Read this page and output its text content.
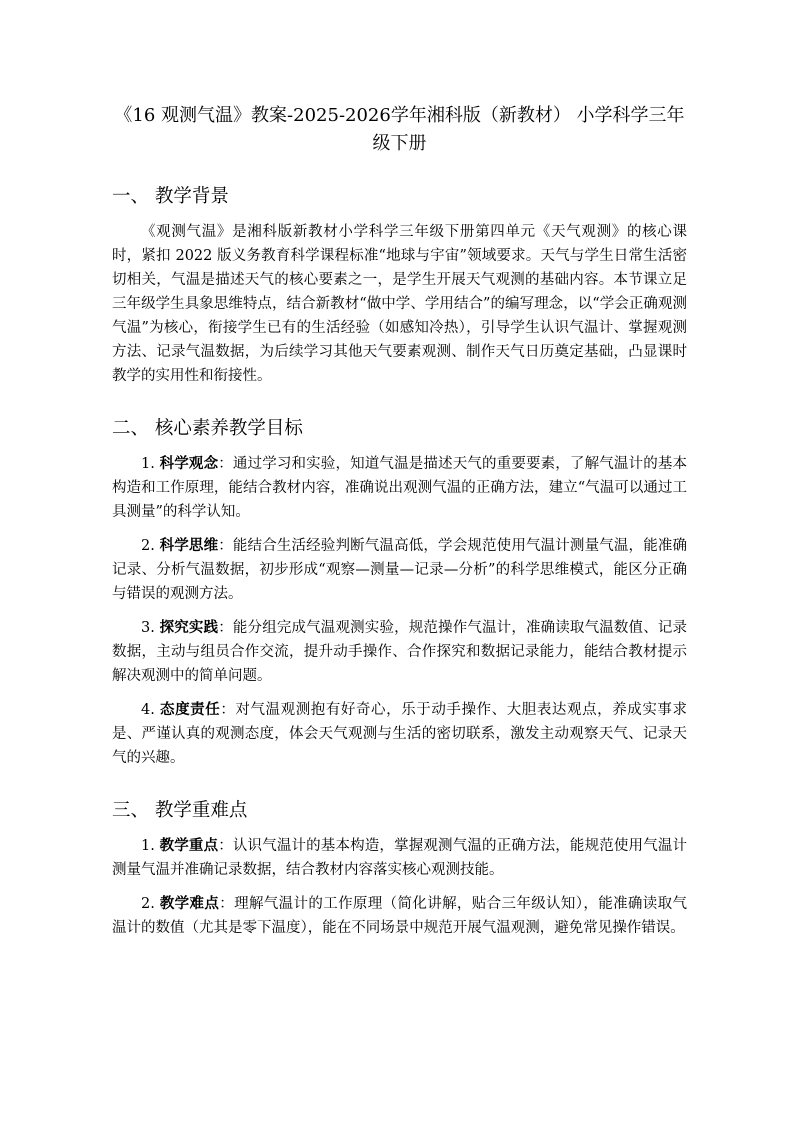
《16 观测气温》教案-2025-2026学年湘科版（新教材） 小学科学三年级下册
一、 教学背景

《观测气温》是湘科版新教材小学科学三年级下册第四单元《天气观测》的核心课时，紧扣 2022 版义务教育科学课程标准“地球与宇宙”领域要求。天气与学生日常生活密切相关，气温是描述天气的核心要素之一，是学生开展天气观测的基础内容。本节课立足三年级学生具象思维特点，结合新教材“做中学、学用结合”的编写理念，以“学会正确观测气温”为核心，衔接学生已有的生活经验（如感知冷热），引导学生认识气温计、掌握观测方法、记录气温数据，为后续学习其他天气要素观测、制作天气日历奠定基础，凸显课时教学的实用性和衔接性。

二、 核心素养教学目标

1. 科学观念：通过学习和实验，知道气温是描述天气的重要要素，了解气温计的基本构造和工作原理，能结合教材内容，准确说出观测气温的正确方法，建立“气温可以通过工具测量”的科学认知。

2. 科学思维：能结合生活经验判断气温高低，学会规范使用气温计测量气温，能准确记录、分析气温数据，初步形成“观察—测量—记录—分析”的科学思维模式，能区分正确与错误的观测方法。

3. 探究实践：能分组完成气温观测实验，规范操作气温计，准确读取气温数值、记录数据，主动与组员合作交流，提升动手操作、合作探究和数据记录能力，能结合教材提示解决观测中的简单问题。

4. 态度责任：对气温观测抱有好奇心，乐于动手操作、大胆表达观点，养成实事求是、严谨认真的观测态度，体会天气观测与生活的密切联系，激发主动观察天气、记录天气的兴趣。

三、 教学重难点

1. 教学重点：认识气温计的基本构造，掌握观测气温的正确方法，能规范使用气温计测量气温并准确记录数据，结合教材内容落实核心观测技能。

2. 教学难点：理解气温计的工作原理（简化讲解，贴合三年级认知），能准确读取气温计的数值（尤其是零下温度），能在不同场景中规范开展气温观测，避免常见操作错误。
